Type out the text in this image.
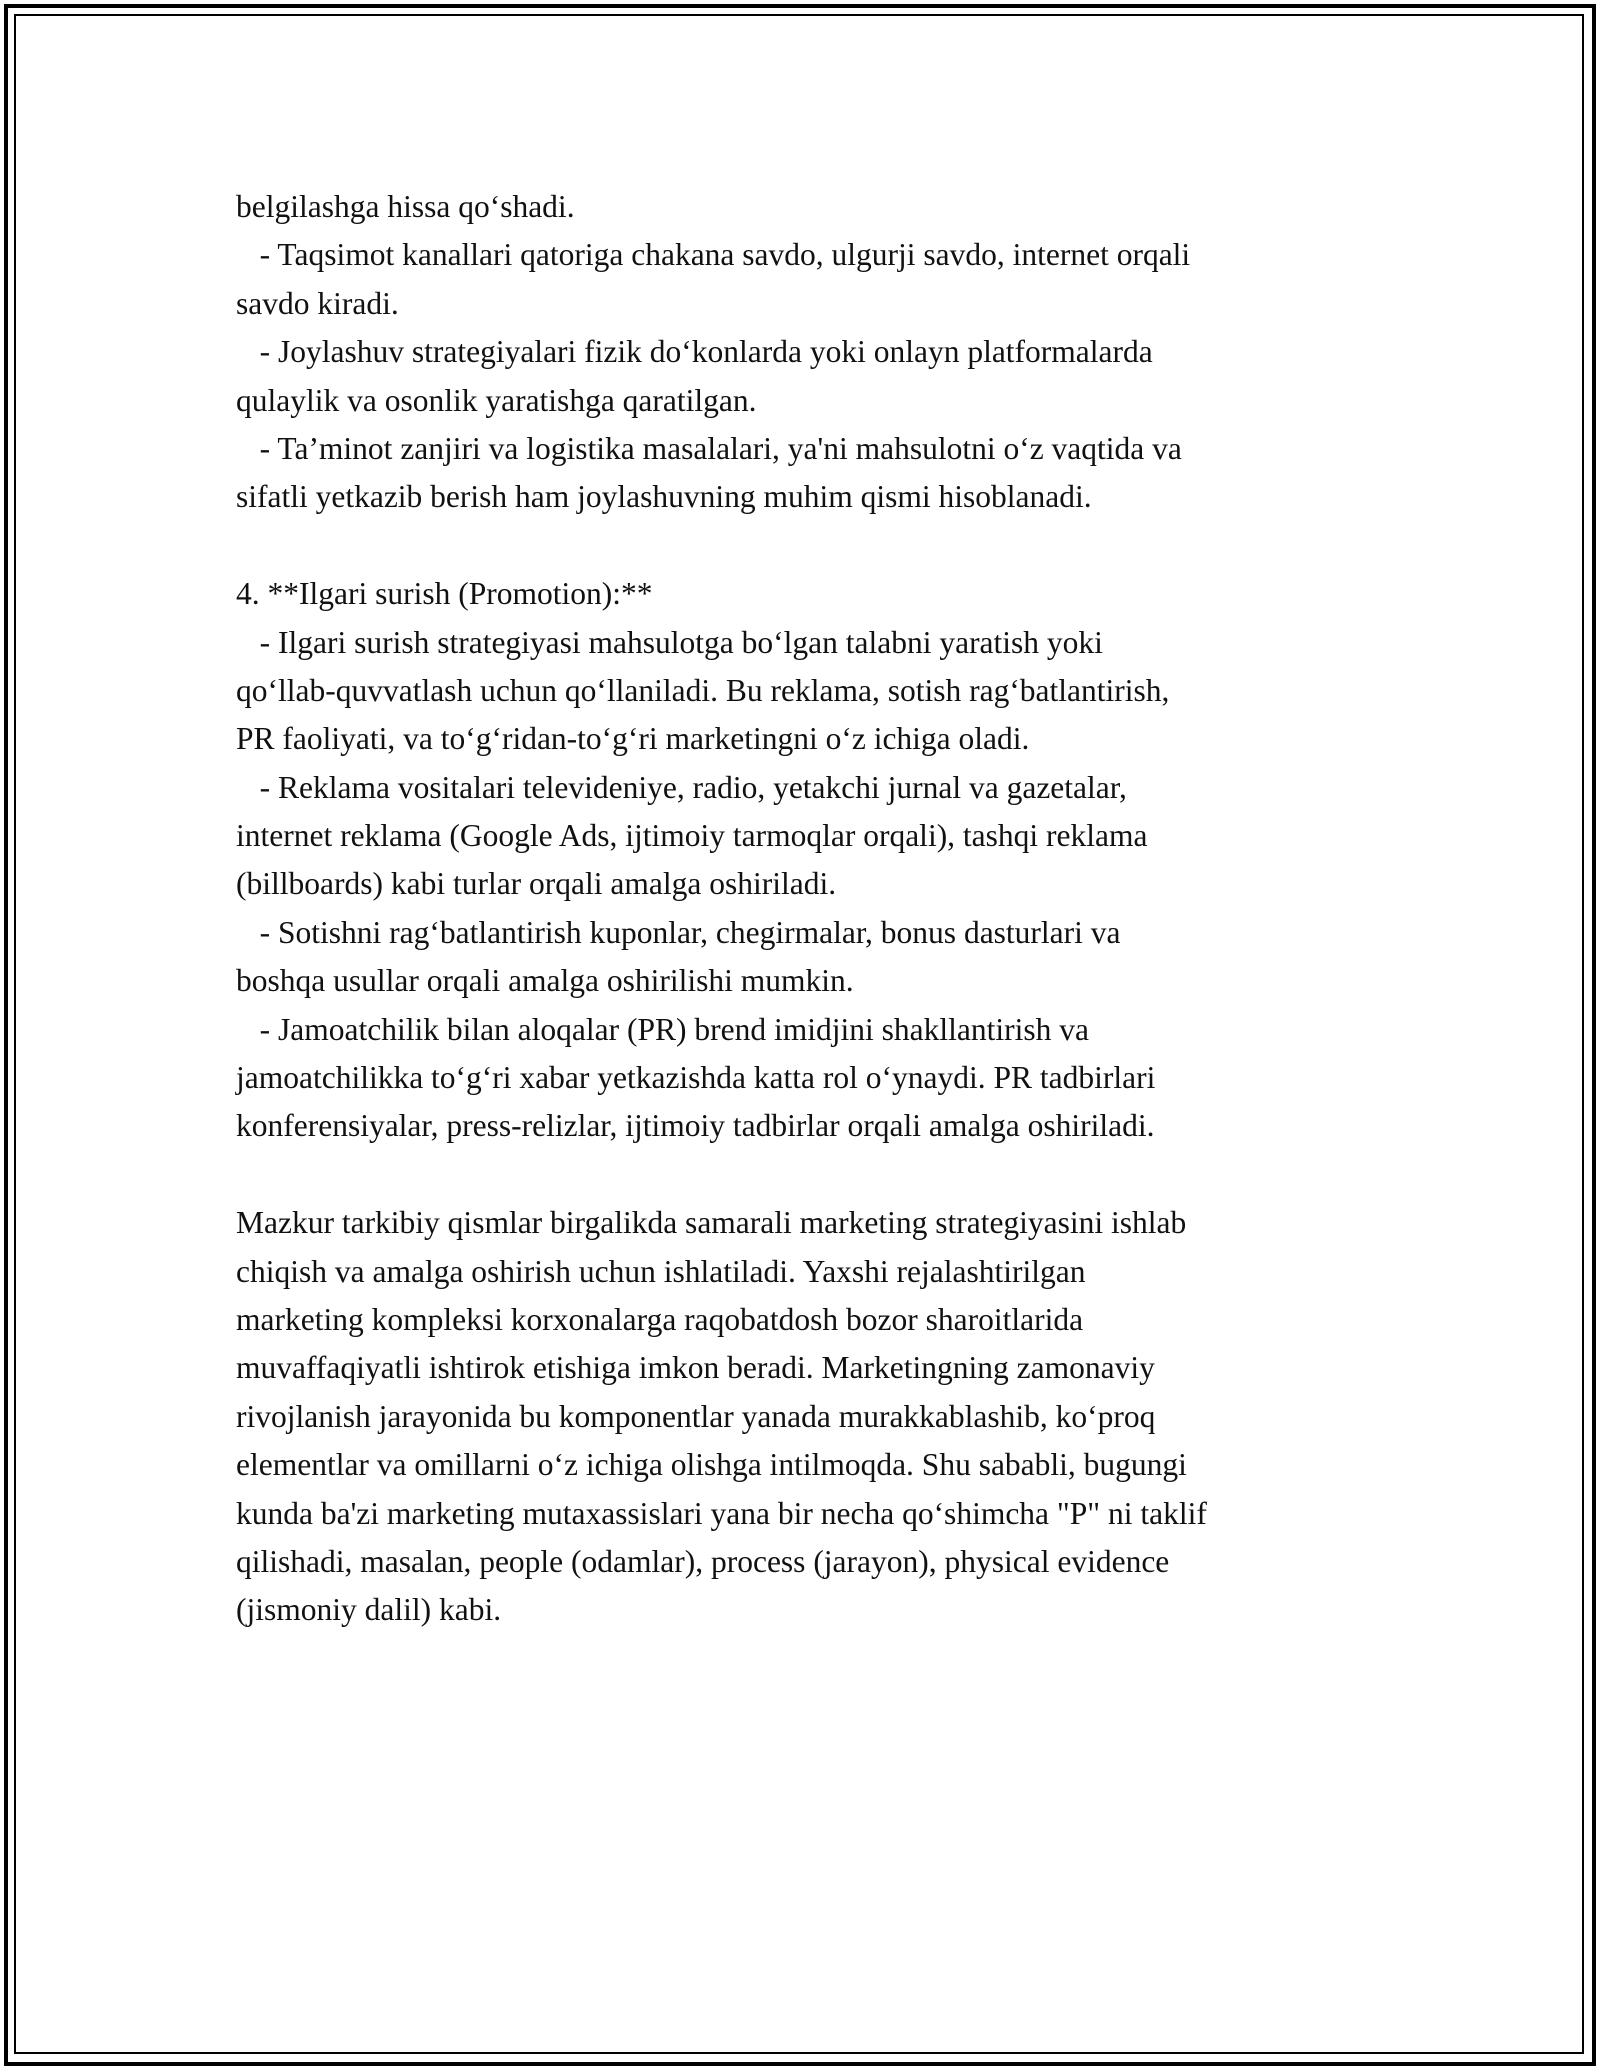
belgilashga hissa qo‘shadi.
- Taqsimot kanallari qatoriga chakana savdo, ulgurji savdo, internet orqali
savdo kiradi.
- Joylashuv strategiyalari fizik do‘konlarda yoki onlayn platformalarda
qulaylik va osonlik yaratishga qaratilgan.
- Ta’minot zanjiri va logistika masalalari, ya'ni mahsulotni o‘z vaqtida va
sifatli yetkazib berish ham joylashuvning muhim qismi hisoblanadi.
4. **Ilgari surish (Promotion):**
- Ilgari surish strategiyasi mahsulotga bo‘lgan talabni yaratish yoki
qo‘llab-quvvatlash uchun qo‘llaniladi. Bu reklama, sotish rag‘batlantirish,
PR faoliyati, va to‘g‘ridan-to‘g‘ri marketingni o‘z ichiga oladi.
- Reklama vositalari televideniye, radio, yetakchi jurnal va gazetalar,
internet reklama (Google Ads, ijtimoiy tarmoqlar orqali), tashqi reklama
(billboards) kabi turlar orqali amalga oshiriladi.
- Sotishni rag‘batlantirish kuponlar, chegirmalar, bonus dasturlari va
boshqa usullar orqali amalga oshirilishi mumkin.
- Jamoatchilik bilan aloqalar (PR) brend imidjini shakllantirish va
jamoatchilikka to‘g‘ri xabar yetkazishda katta rol o‘ynaydi. PR tadbirlari
konferensiyalar, press-relizlar, ijtimoiy tadbirlar orqali amalga oshiriladi.
Mazkur tarkibiy qismlar birgalikda samarali marketing strategiyasini ishlab
chiqish va amalga oshirish uchun ishlatiladi. Yaxshi rejalashtirilgan
marketing kompleksi korxonalarga raqobatdosh bozor sharoitlarida
muvaffaqiyatli ishtirok etishiga imkon beradi. Marketingning zamonaviy
rivojlanish jarayonida bu komponentlar yanada murakkablashib, ko‘proq
elementlar va omillarni o‘z ichiga olishga intilmoqda. Shu sababli, bugungi
kunda ba'zi marketing mutaxassislari yana bir necha qo‘shimcha "P" ni taklif
qilishadi, masalan, people (odamlar), process (jarayon), physical evidence
(jismoniy dalil) kabi.
